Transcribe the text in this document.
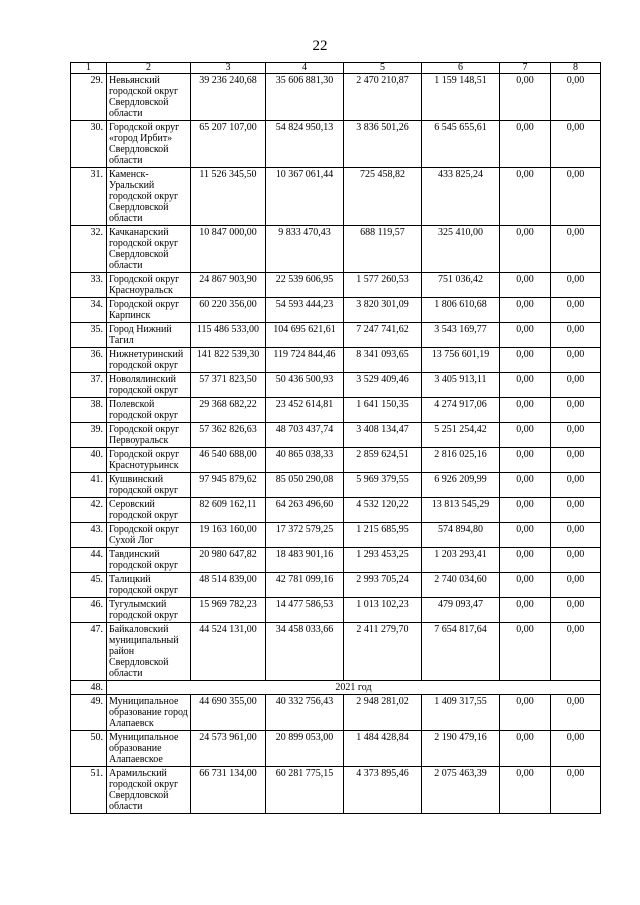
22
1	2	3	4	5	6	7	8
29.	Невьянский городской округ Свердловской области	39 236 240,68	35 606 881,30	2 470 210,87	1 159 148,51	0,00	0,00
30.	Городской округ «город Ирбит» Свердловской области	65 207 107,00	54 824 950,13	3 836 501,26	6 545 655,61	0,00	0,00
31.	Каменск-Уральский городской округ Свердловской области	11 526 345,50	10 367 061,44	725 458,82	433 825,24	0,00	0,00
32.	Качканарский городской округ Свердловской области	10 847 000,00	9 833 470,43	688 119,57	325 410,00	0,00	0,00
33.	Городской округ Красноуральск	24 867 903,90	22 539 606,95	1 577 260,53	751 036,42	0,00	0,00
34.	Городской округ Карпинск	60 220 356,00	54 593 444,23	3 820 301,09	1 806 610,68	0,00	0,00
35.	Город Нижний Тагил	115 486 533,00	104 695 621,61	7 247 741,62	3 543 169,77	0,00	0,00
36.	Нижнетуринский городской округ	141 822 539,30	119 724 844,46	8 341 093,65	13 756 601,19	0,00	0,00
37.	Новолялинский городской округ	57 371 823,50	50 436 500,93	3 529 409,46	3 405 913,11	0,00	0,00
38.	Полевской городской округ	29 368 682,22	23 452 614,81	1 641 150,35	4 274 917,06	0,00	0,00
39.	Городской округ Первоуральск	57 362 826,63	48 703 437,74	3 408 134,47	5 251 254,42	0,00	0,00
40.	Городской округ Краснотурьинск	46 540 688,00	40 865 038,33	2 859 624,51	2 816 025,16	0,00	0,00
41.	Кушвинский городской округ	97 945 879,62	85 050 290,08	5 969 379,55	6 926 209,99	0,00	0,00
42.	Серовский городской округ	82 609 162,11	64 263 496,60	4 532 120,22	13 813 545,29	0,00	0,00
43.	Городской округ Сухой Лог	19 163 160,00	17 372 579,25	1 215 685,95	574 894,80	0,00	0,00
44.	Тавдинский городской округ	20 980 647,82	18 483 901,16	1 293 453,25	1 203 293,41	0,00	0,00
45.	Талицкий городской округ	48 514 839,00	42 781 099,16	2 993 705,24	2 740 034,60	0,00	0,00
46.	Тугулымский городской округ	15 969 782,23	14 477 586,53	1 013 102,23	479 093,47	0,00	0,00
47.	Байкаловский муниципальный район Свердловской области	44 524 131,00	34 458 033,66	2 411 279,70	7 654 817,64	0,00	0,00
48.	2021 год						
49.	Муниципальное образование город Алапаевск	44 690 355,00	40 332 756,43	2 948 281,02	1 409 317,55	0,00	0,00
50.	Муниципальное образование Алапаевское	24 573 961,00	20 899 053,00	1 484 428,84	2 190 479,16	0,00	0,00
51.	Арамильский городской округ Свердловской области	66 731 134,00	60 281 775,15	4 373 895,46	2 075 463,39	0,00	0,00
